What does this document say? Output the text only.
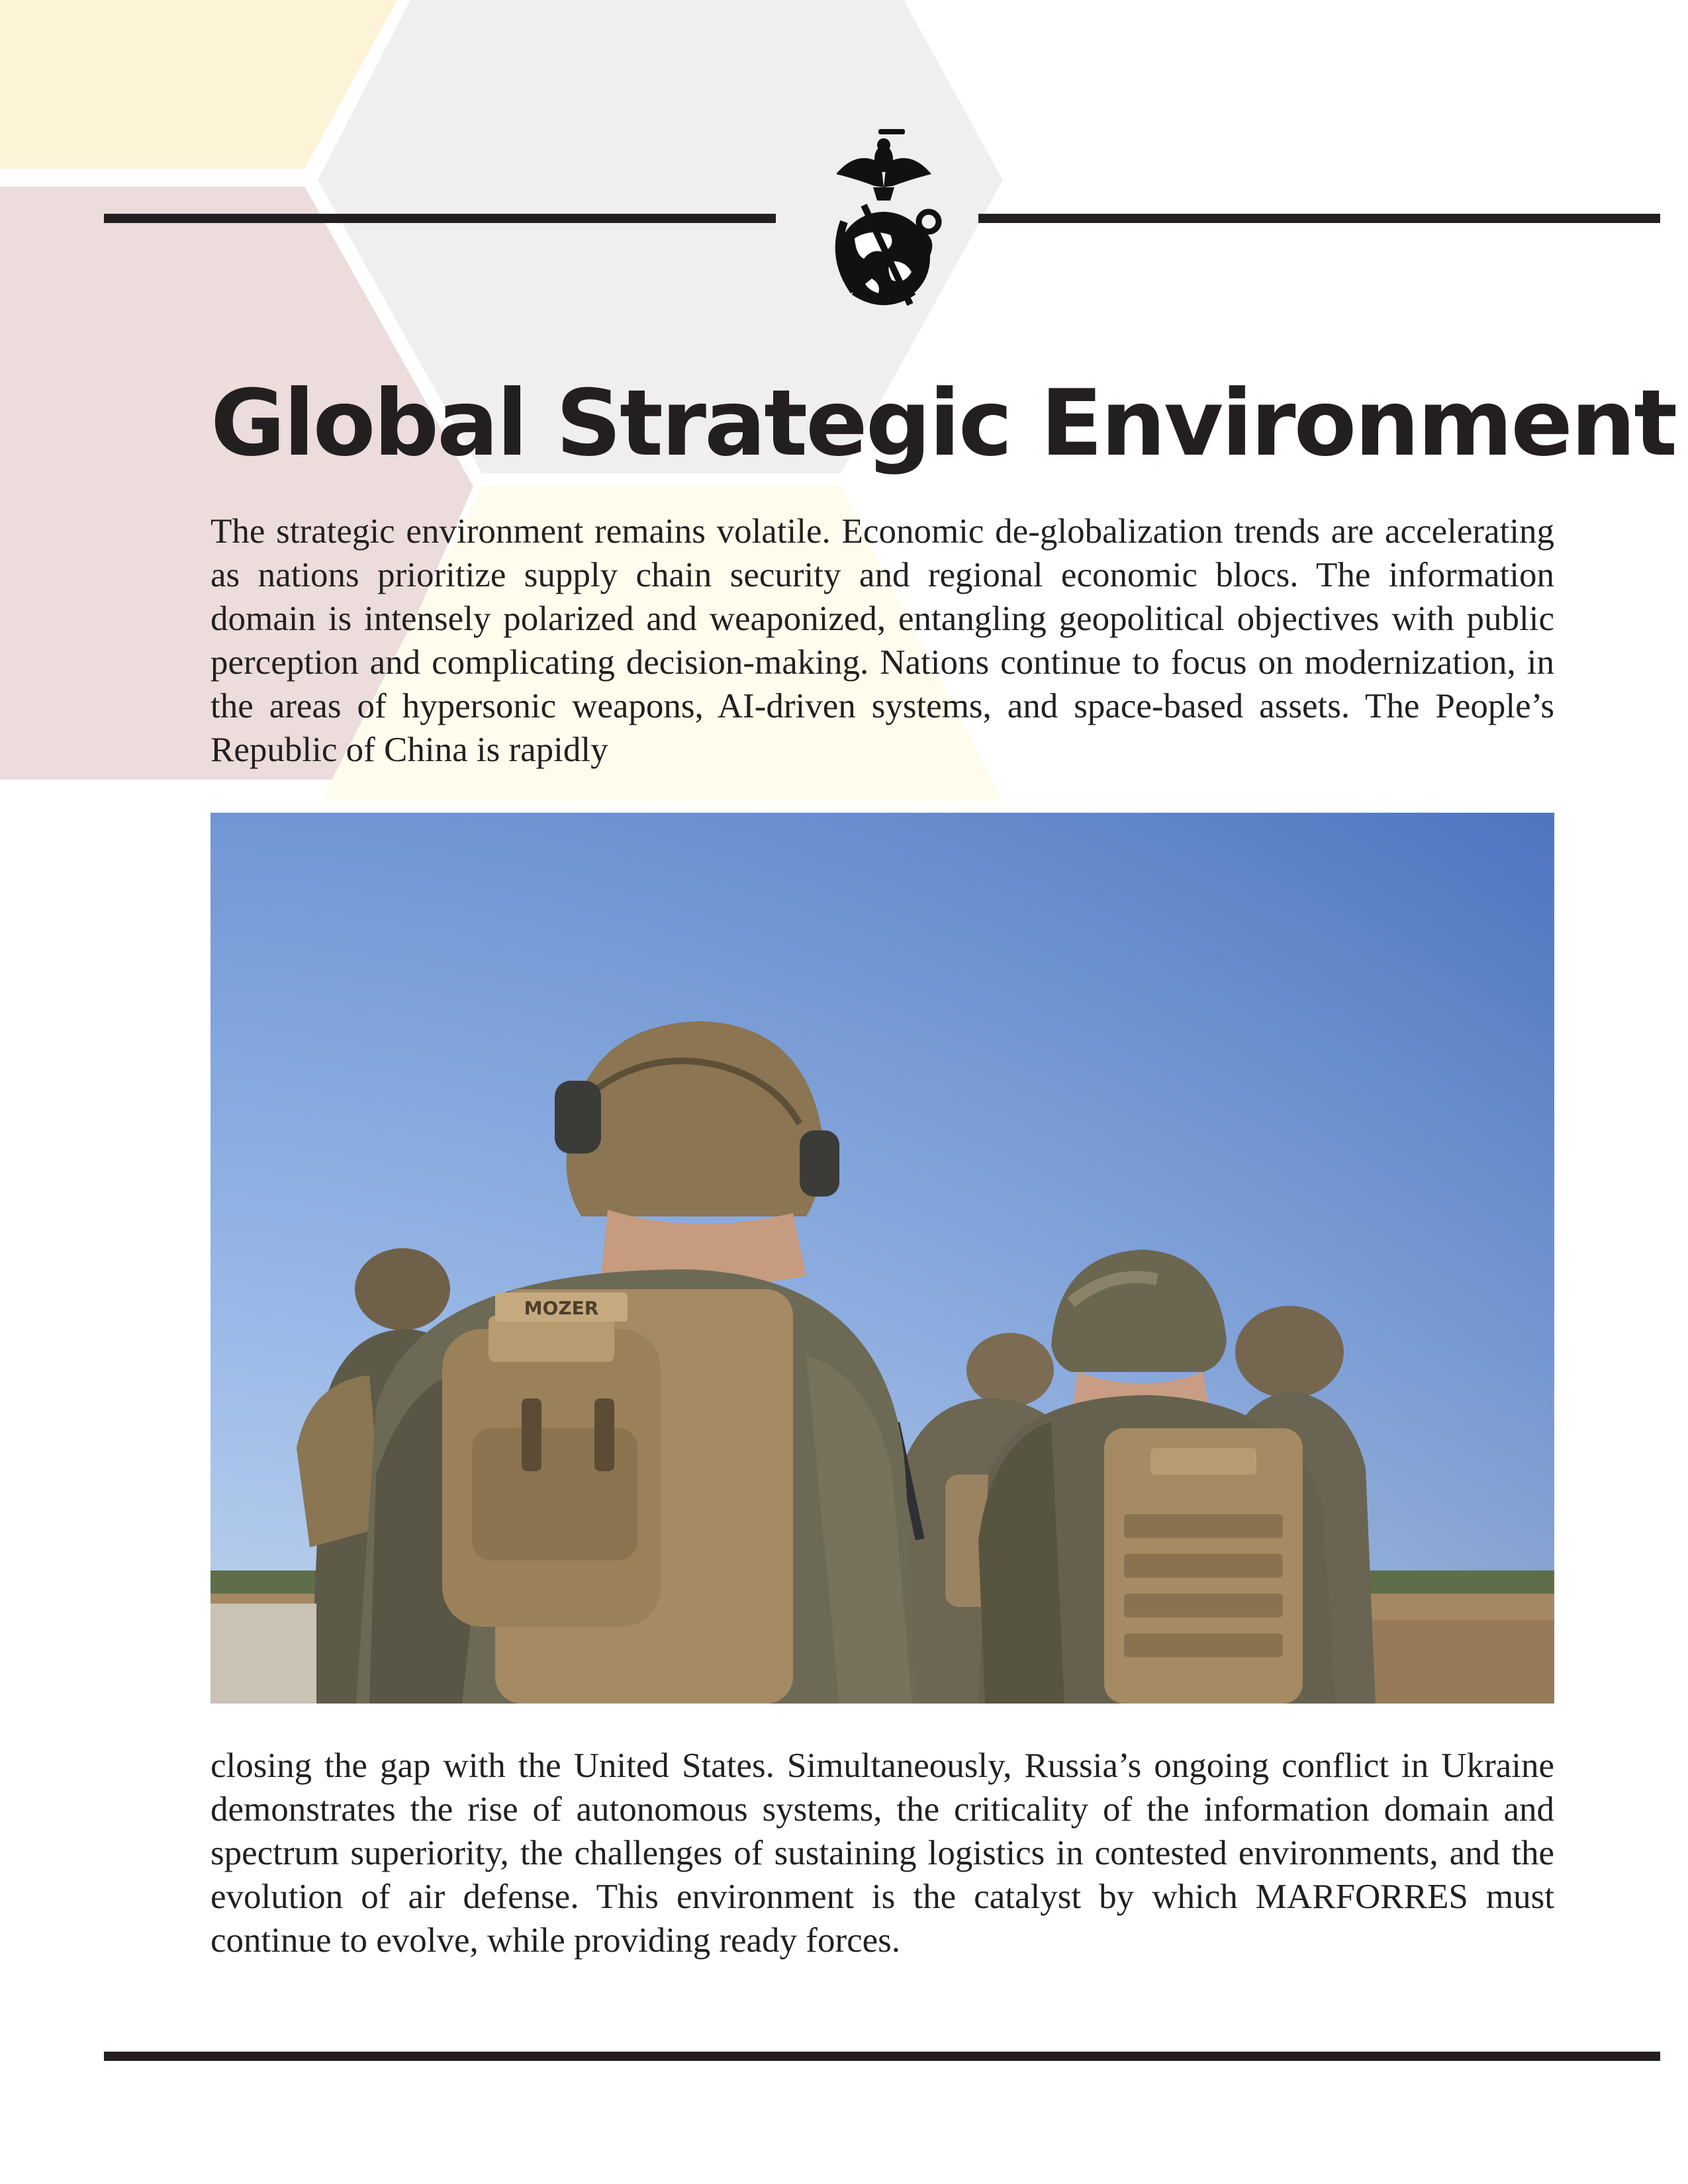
Global Strategic Environment

The strategic environment remains volatile. Economic de-globalization trends are accelerating as nations prioritize supply chain security and regional economic blocs. The information domain is intensely polarized and weaponized, entangling geopolitical objectives with public perception and complicating decision-making. Nations continue to focus on modernization, in the areas of hypersonic weapons, AI-driven systems, and space-based assets. The People’s Republic of China is rapidly

MOZER

closing the gap with the United States. Simultaneously, Russia’s ongoing conflict in Ukraine demonstrates the rise of autonomous systems, the criticality of the information domain and spectrum superiority, the challenges of sustaining logistics in contested environments, and the evolution of air defense. This environment is the catalyst by which MARFORRES must continue to evolve, while providing ready forces.
